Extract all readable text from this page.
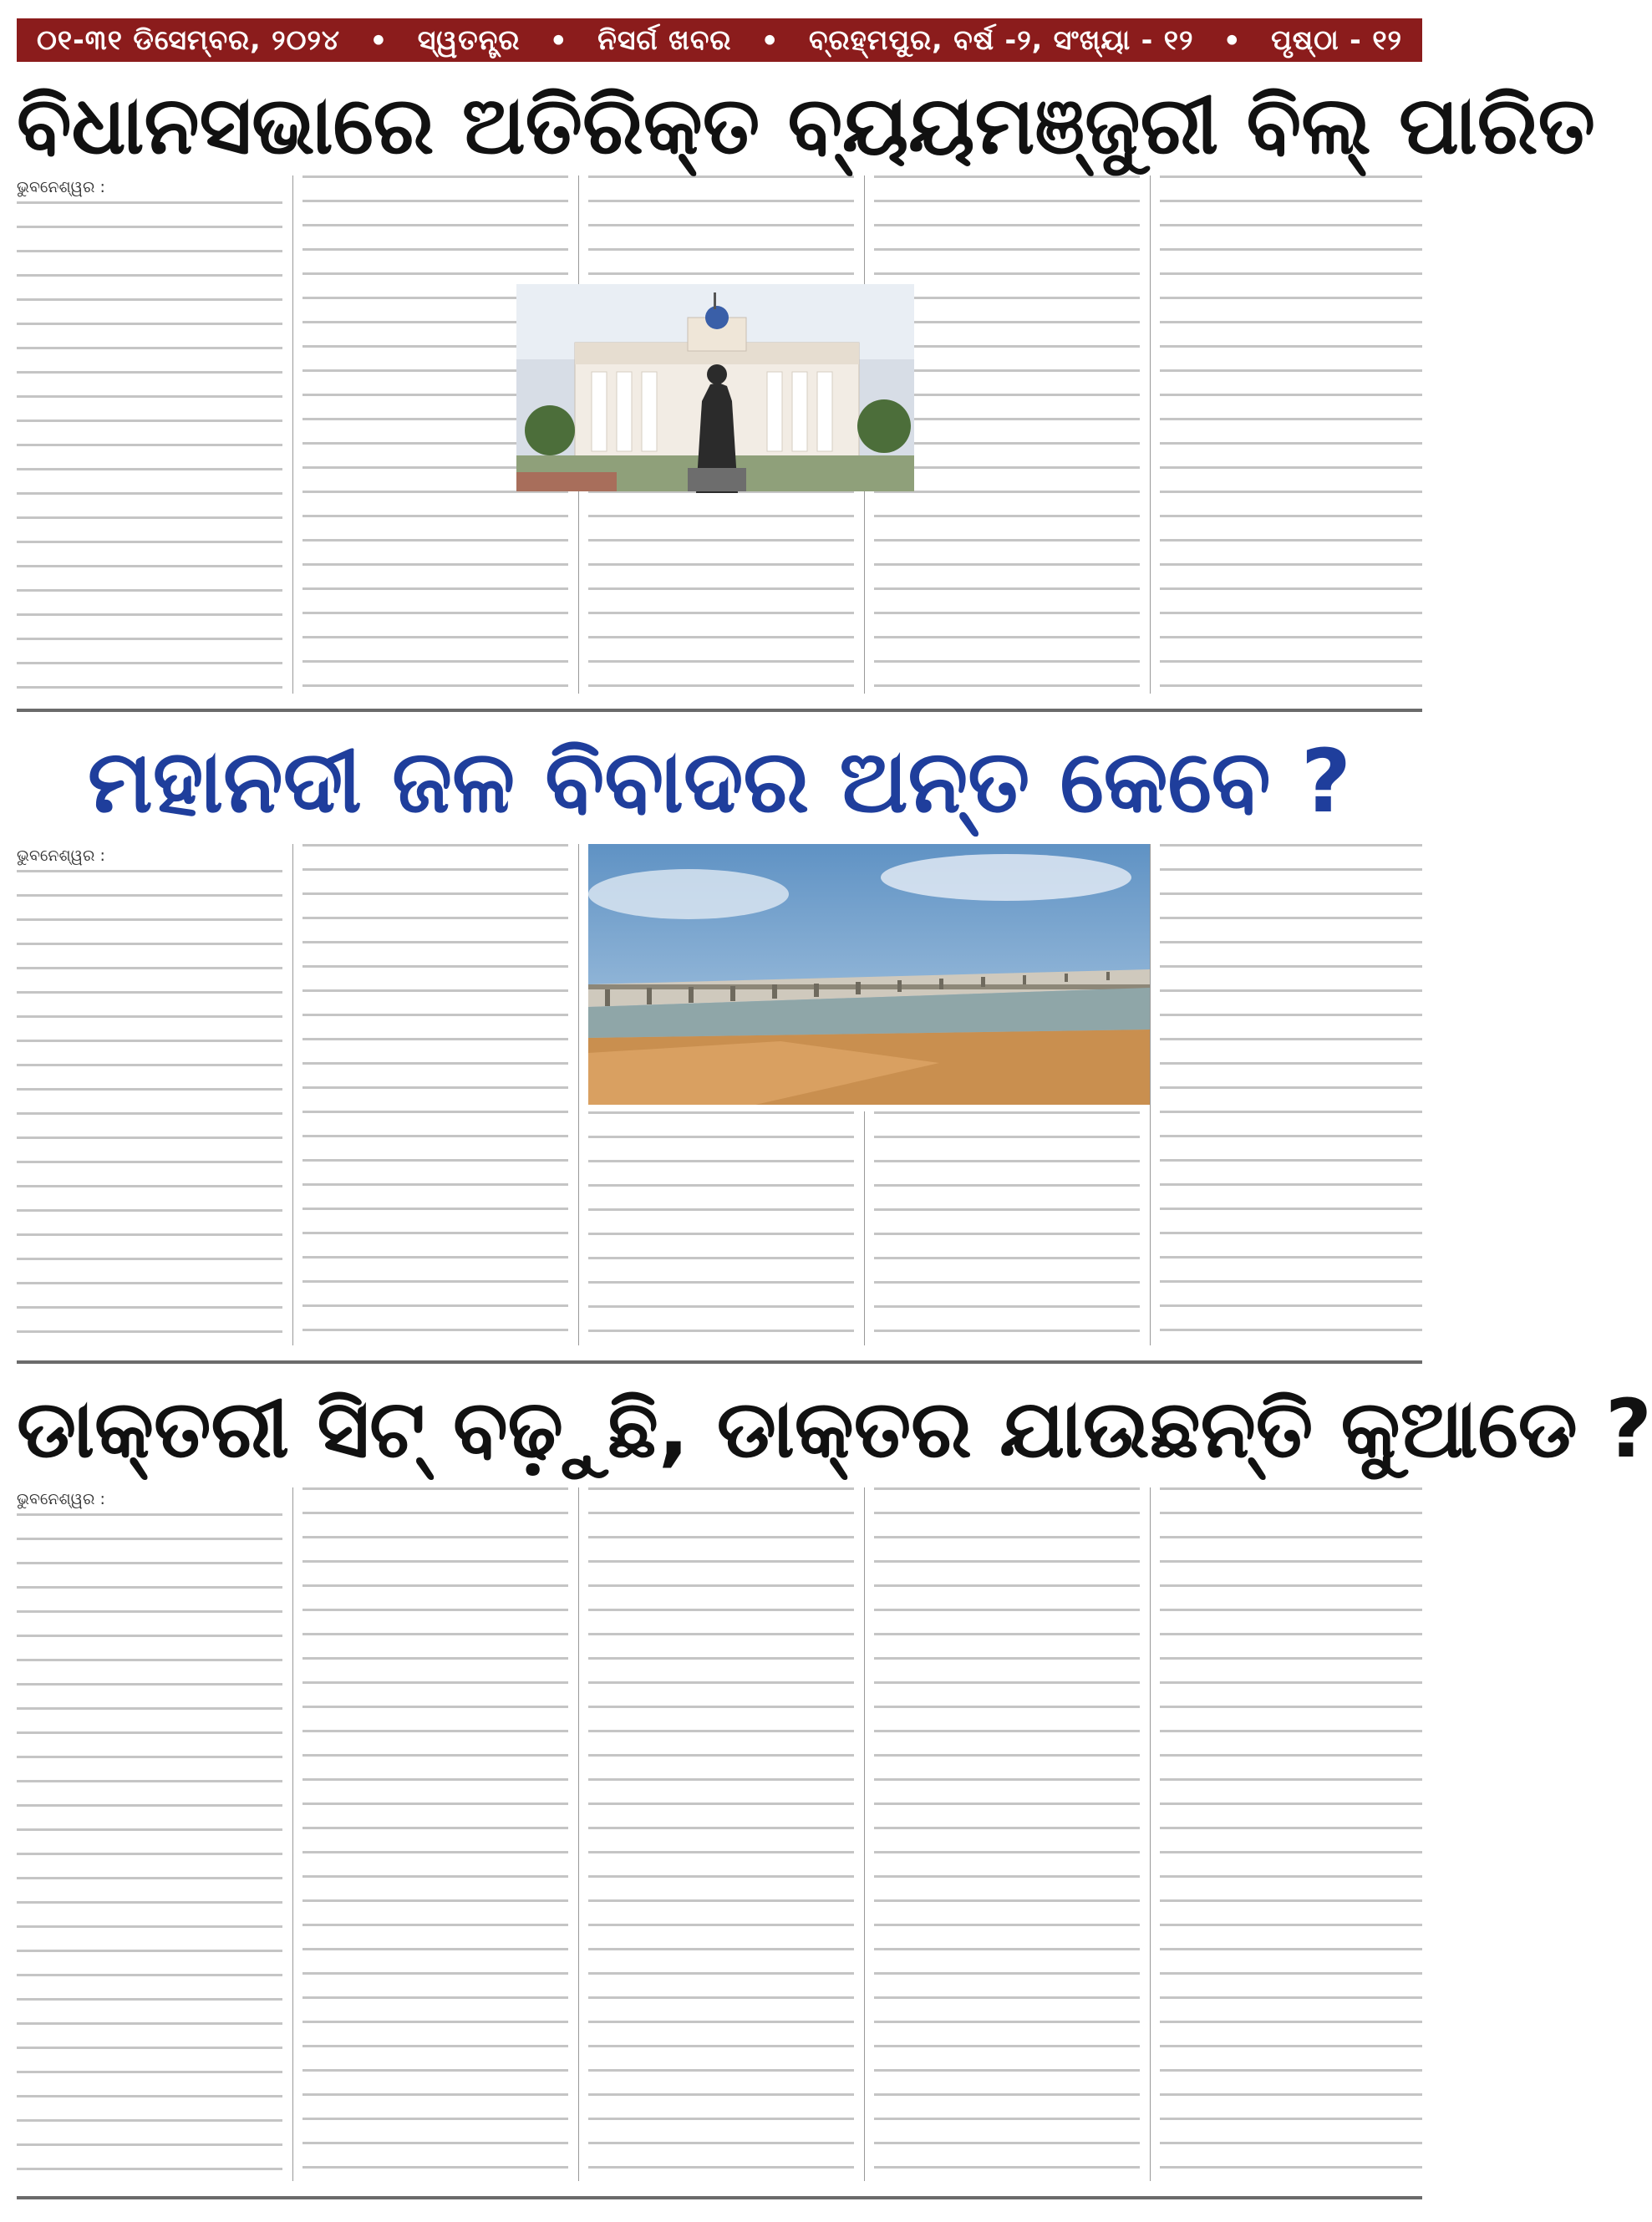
୦୧-୩୧ ଡିସେମ୍ବର, ୨୦୨୪ • ସ୍ୱତନ୍ତ୍ର • ନିସର୍ଗ ଖବର • ବ୍ରହ୍ମପୁର, ବର୍ଷ -୨, ସଂଖ୍ୟା - ୧୨ • ପୃଷ୍ଠା - ୧୨
ବିଧାନସଭାରେ ଅତିରିକ୍ତ ବ୍ୟୟମଞ୍ଜୁରୀ ବିଲ୍ ପାରିତ
ଭୁବନେଶ୍ୱର :
ମହାନଦୀ ଜଳ ବିବାଦର ଅନ୍ତ କେବେ ?
ଭୁବନେଶ୍ୱର :
ଡାକ୍ତରୀ ସିଟ୍ ବଢ଼ୁଛି, ଡାକ୍ତର ଯାଉଛନ୍ତି କୁଆଡେ ?
ଭୁବନେଶ୍ୱର :
